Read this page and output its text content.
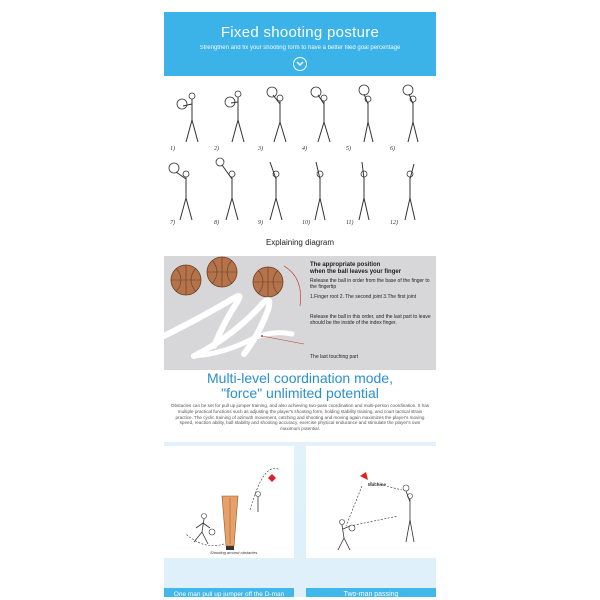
Fixed shooting posture
Strengthen and fix your shooting form to have a better filed goal percentage
1)	2)	3)	4)	5)	6)
7)	8)	9)	10)	11)	12)
Explaining diagram
The appropriate position
when the ball leaves your finger
Release the ball in order from the base of the finger to the fingertip
1.Finger root 2. The second joint 3.The first joint
Release the ball in this order, and the last part to leave should be the inside of the index finger.
The last touching part
Multi-level coordination mode,
"force" unlimited potential
Obstacles can be set for pull up jumper training, and also achieving two-pass coordination and multi-person coordination. It has multiple practical functions such as adjusting the player's shooting form, holding stability training, and court tactical strain practice. The cyclic training of azimuth movement, catching and shooting and moving again maximizes the player's moving speed, reaction ability, ball stability and shooting accuracy, exercise physical endurance and stimulate the player's own maximum potential.
Shooting around obstacles
Machine
One man pull up jumper off the D-man	Two-man passing
